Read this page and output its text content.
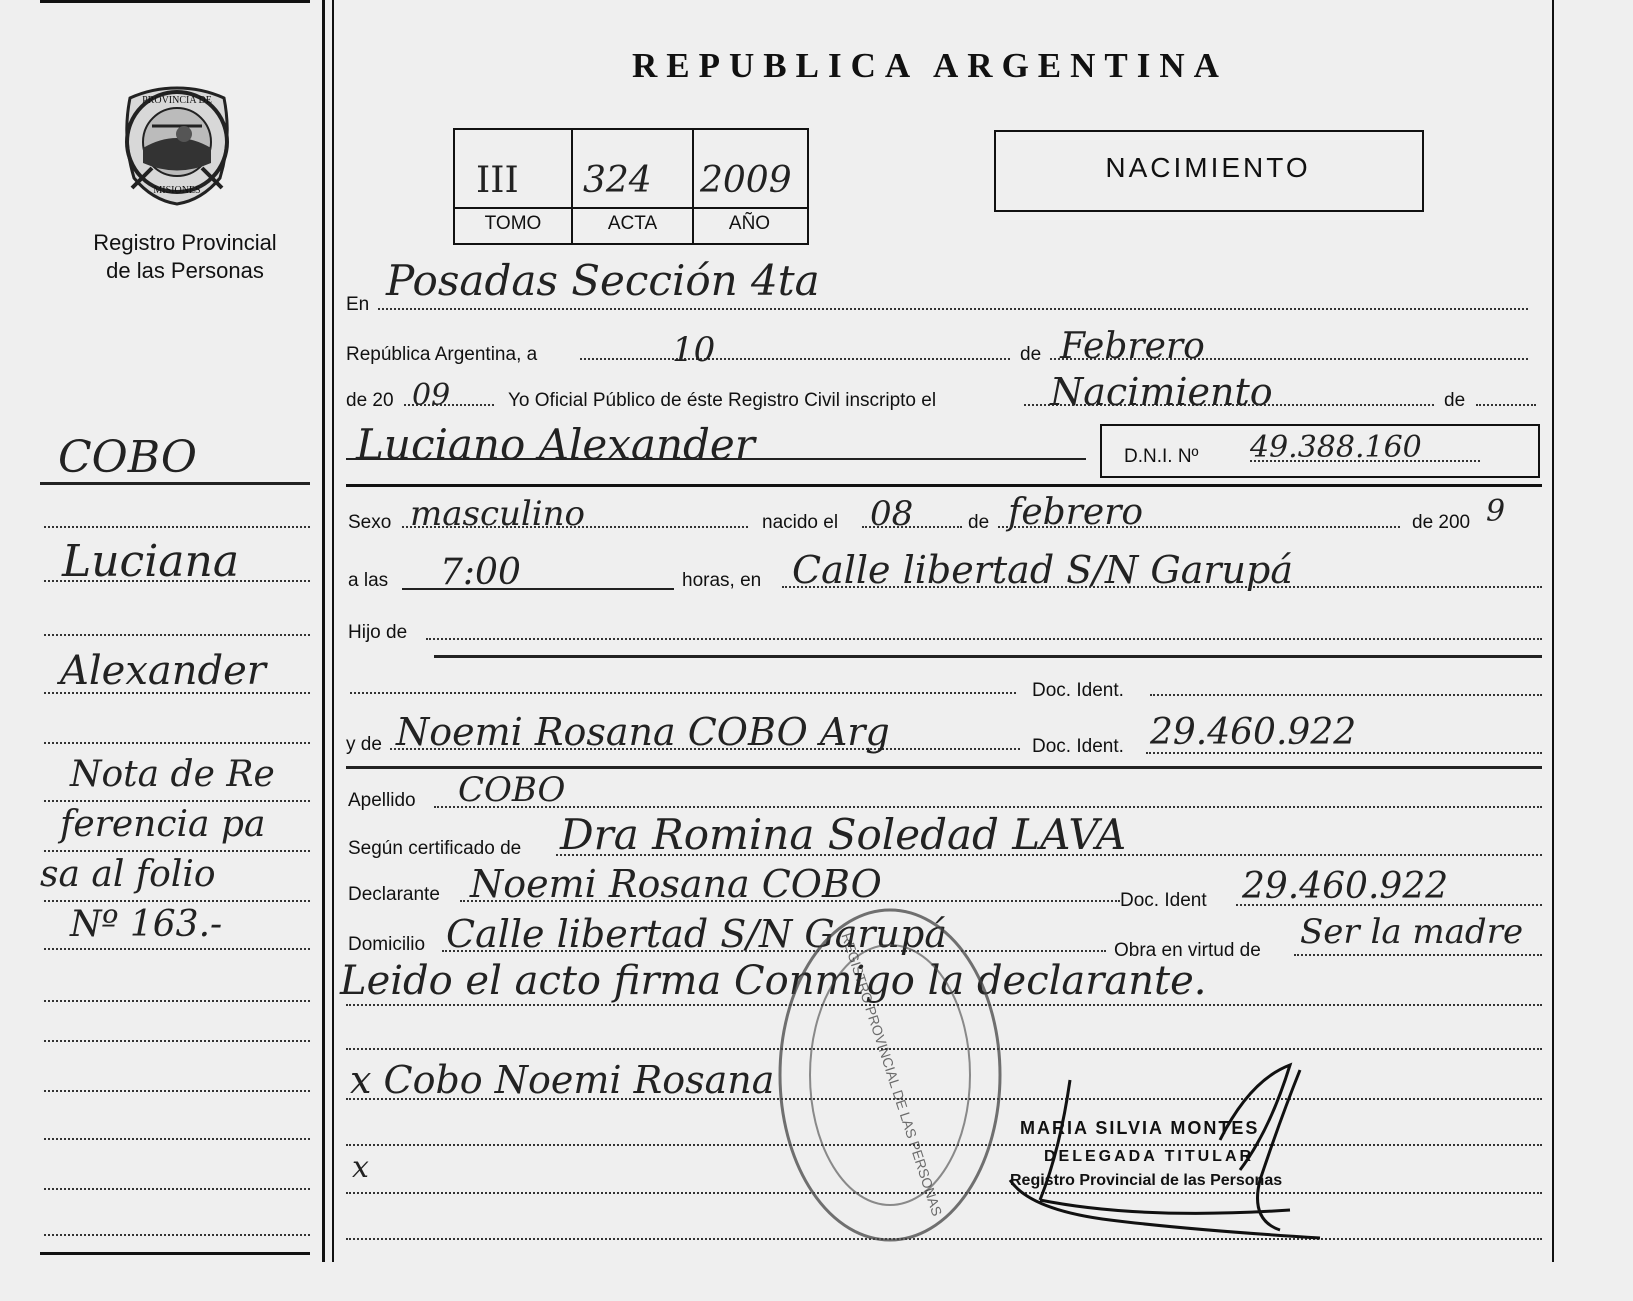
PROVINCIA DE
MISIONES
Registro Provincial
de las Personas
COBO
Luciana
Alexander
Nota de Re
ferencia pa
sa al folio
Nº 163.-
REPUBLICA ARGENTINA
III 324 2009
TOMO	ACTA	AÑO
NACIMIENTO
En Posadas Sección 4ta
República Argentina, a	10	de Febrero
de 20 09	Yo Oficial Público de éste Registro Civil inscripto el	Nacimiento	de
Luciano Alexander	D.N.I. Nº 49.388.160
Sexo masculino	nacido el 08	de febrero	de 200 9
a las 7:00	horas, en Calle libertad S/N Garupá
Hijo de
Doc. Ident.
y de Noemi Rosana COBO Arg	Doc. Ident. 29.460.922
Apellido COBO
Según certificado de Dra Romina Soledad LAVA
Declarante Noemi Rosana COBO	Doc. Ident 29.460.922
Domicilio Calle libertad S/N Garupá	Obra en virtud de Ser la madre
Leido el acto firma Conmigo la declarante.
x Cobo Noemi Rosana
x	REGISTRO PROVINCIAL DE LAS PERSONAS	MARIA SILVIA MONTES
DELEGADA TITULAR
Registro Provincial de las Personas
